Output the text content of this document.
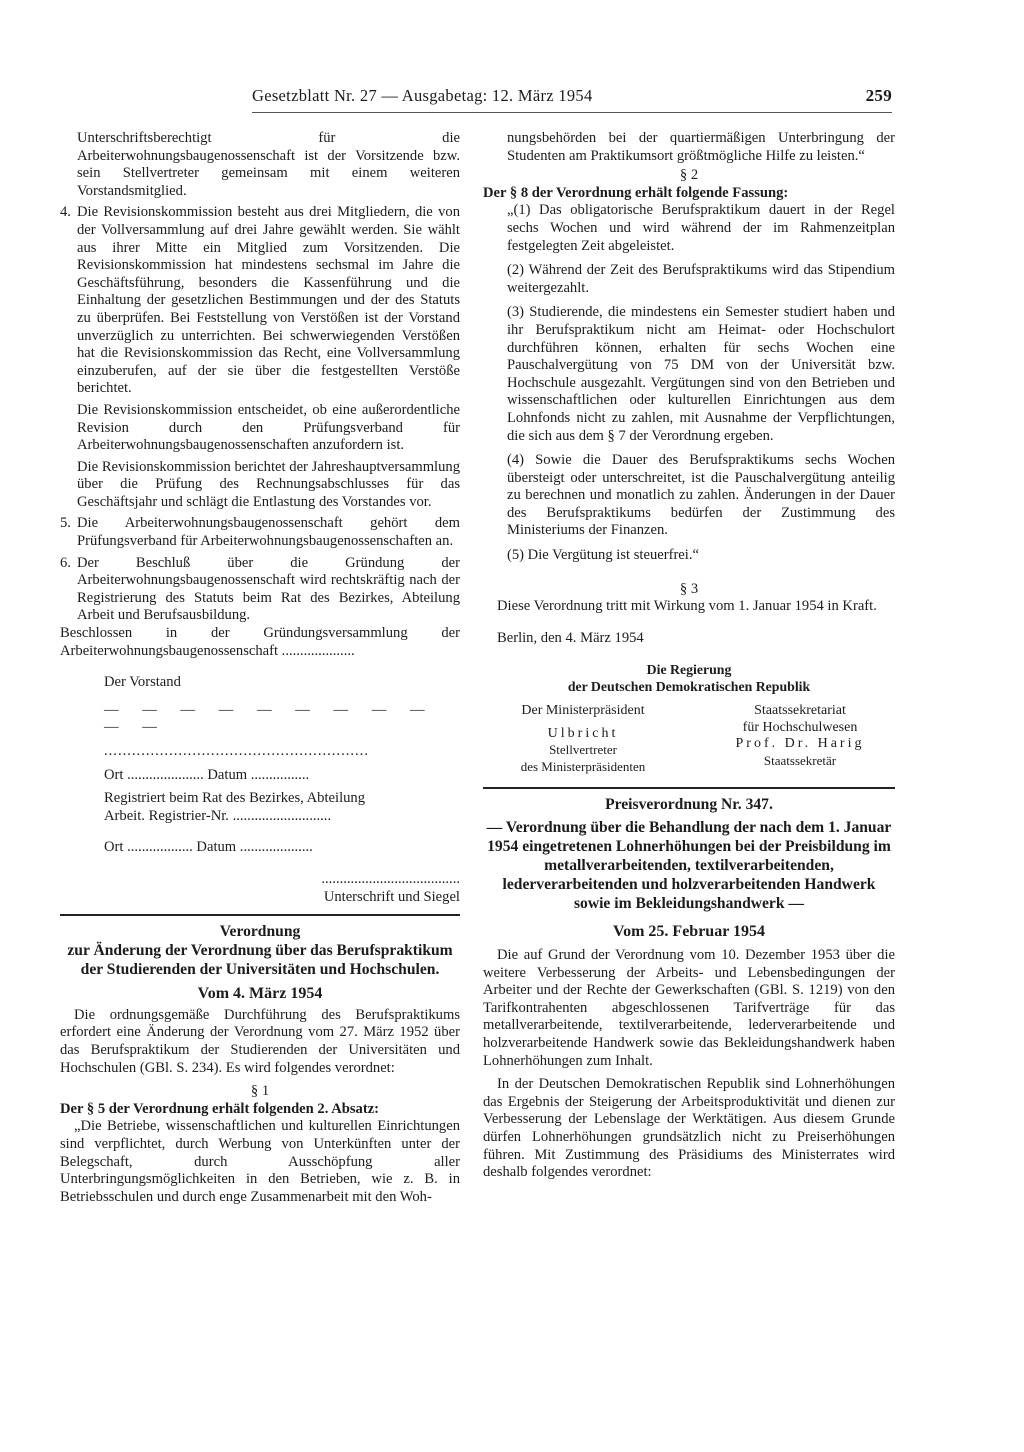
Gesetzblatt Nr. 27 — Ausgabetag: 12. März 1954	259

Unterschriftsberechtigt für die Arbeiterwohnungsbaugenossenschaft ist der Vorsitzende bzw. sein Stellvertreter gemeinsam mit einem weiteren Vorstandsmitglied.

4. Die Revisionskommission besteht aus drei Mitgliedern, die von der Vollversammlung auf drei Jahre gewählt werden. Sie wählt aus ihrer Mitte ein Mitglied zum Vorsitzenden. Die Revisionskommission hat mindestens sechsmal im Jahre die Geschäftsführung, besonders die Kassenführung und die Einhaltung der gesetzlichen Bestimmungen und der des Statuts zu überprüfen. Bei Feststellung von Verstößen ist der Vorstand unverzüglich zu unterrichten. Bei schwerwiegenden Verstößen hat die Revisionskommission das Recht, eine Vollversammlung einzuberufen, auf der sie über die festgestellten Verstöße berichtet.

Die Revisionskommission entscheidet, ob eine außerordentliche Revision durch den Prüfungsverband für Arbeiterwohnungsbaugenossenschaften anzufordern ist.

Die Revisionskommission berichtet der Jahreshauptversammlung über die Prüfung des Rechnungsabschlusses für das Geschäftsjahr und schlägt die Entlastung des Vorstandes vor.

5. Die Arbeiterwohnungsbaugenossenschaft gehört dem Prüfungsverband für Arbeiterwohnungsbaugenossenschaften an.

6. Der Beschluß über die Gründung der Arbeiterwohnungsbaugenossenschaft wird rechtskräftig nach der Registrierung des Statuts beim Rat des Bezirkes, Abteilung Arbeit und Berufsausbildung.

Beschlossen in der Gründungsversammlung der Arbeiterwohnungsbaugenossenschaft ....................

Der Vorstand
— — — — — — — — — — —
.........................................................
Ort ..................... Datum ................
Registriert beim Rat des Bezirkes, Abteilung
Arbeit. Registrier-Nr. ...........................
Ort .................. Datum ....................
......................................
Unterschrift und Siegel
Verordnung
zur Änderung der Verordnung über das Berufspraktikum der Studierenden der Universitäten und Hochschulen.
Vom 4. März 1954

Die ordnungsgemäße Durchführung des Berufspraktikums erfordert eine Änderung der Verordnung vom 27. März 1952 über das Berufspraktikum der Studierenden der Universitäten und Hochschulen (GBl. S. 234). Es wird folgendes verordnet:

§ 1

Der § 5 der Verordnung erhält folgenden 2. Absatz:

„Die Betriebe, wissenschaftlichen und kulturellen Einrichtungen sind verpflichtet, durch Werbung von Unterkünften unter der Belegschaft, durch Ausschöpfung aller Unterbringungsmöglichkeiten in den Betrieben, wie z. B. in Betriebsschulen und durch enge Zusammenarbeit mit den Woh-

nungsbehörden bei der quartiermäßigen Unterbringung der Studenten am Praktikumsort größtmögliche Hilfe zu leisten.“

§ 2

Der § 8 der Verordnung erhält folgende Fassung:

„(1) Das obligatorische Berufspraktikum dauert in der Regel sechs Wochen und wird während der im Rahmenzeitplan festgelegten Zeit abgeleistet.

(2) Während der Zeit des Berufspraktikums wird das Stipendium weitergezahlt.

(3) Studierende, die mindestens ein Semester studiert haben und ihr Berufspraktikum nicht am Heimat- oder Hochschulort durchführen können, erhalten für sechs Wochen eine Pauschalvergütung von 75 DM von der Universität bzw. Hochschule ausgezahlt. Vergütungen sind von den Betrieben und wissenschaftlichen oder kulturellen Einrichtungen aus dem Lohnfonds nicht zu zahlen, mit Ausnahme der Verpflichtungen, die sich aus dem § 7 der Verordnung ergeben.

(4) Sowie die Dauer des Berufspraktikums sechs Wochen übersteigt oder unterschreitet, ist die Pauschalvergütung anteilig zu berechnen und monatlich zu zahlen. Änderungen in der Dauer des Berufspraktikums bedürfen der Zustimmung des Ministeriums der Finanzen.

(5) Die Vergütung ist steuerfrei.“

§ 3

Diese Verordnung tritt mit Wirkung vom 1. Januar 1954 in Kraft.

Berlin, den 4. März 1954

Die Regierung
der Deutschen Demokratischen Republik
Der Ministerpräsident
Ulbricht
Stellvertreter
des Ministerpräsidenten
Staatssekretariat
für Hochschulwesen
Prof. Dr. Harig
Staatssekretär
Preisverordnung Nr. 347.
— Verordnung über die Behandlung der nach dem 1. Januar 1954 eingetretenen Lohnerhöhungen bei der Preisbildung im metallverarbeitenden, textilverarbeitenden, lederverarbeitenden und holzverarbeitenden Handwerk sowie im Bekleidungshandwerk —
Vom 25. Februar 1954

Die auf Grund der Verordnung vom 10. Dezember 1953 über die weitere Verbesserung der Arbeits- und Lebensbedingungen der Arbeiter und der Rechte der Gewerkschaften (GBl. S. 1219) von den Tarifkontrahenten abgeschlossenen Tarifverträge für das metallverarbeitende, textilverarbeitende, lederverarbeitende und holzverarbeitende Handwerk sowie das Bekleidungshandwerk haben Lohnerhöhungen zum Inhalt.

In der Deutschen Demokratischen Republik sind Lohnerhöhungen das Ergebnis der Steigerung der Arbeitsproduktivität und dienen zur Verbesserung der Lebenslage der Werktätigen. Aus diesem Grunde dürfen Lohnerhöhungen grundsätzlich nicht zu Preiserhöhungen führen. Mit Zustimmung des Präsidiums des Ministerrates wird deshalb folgendes verordnet:
